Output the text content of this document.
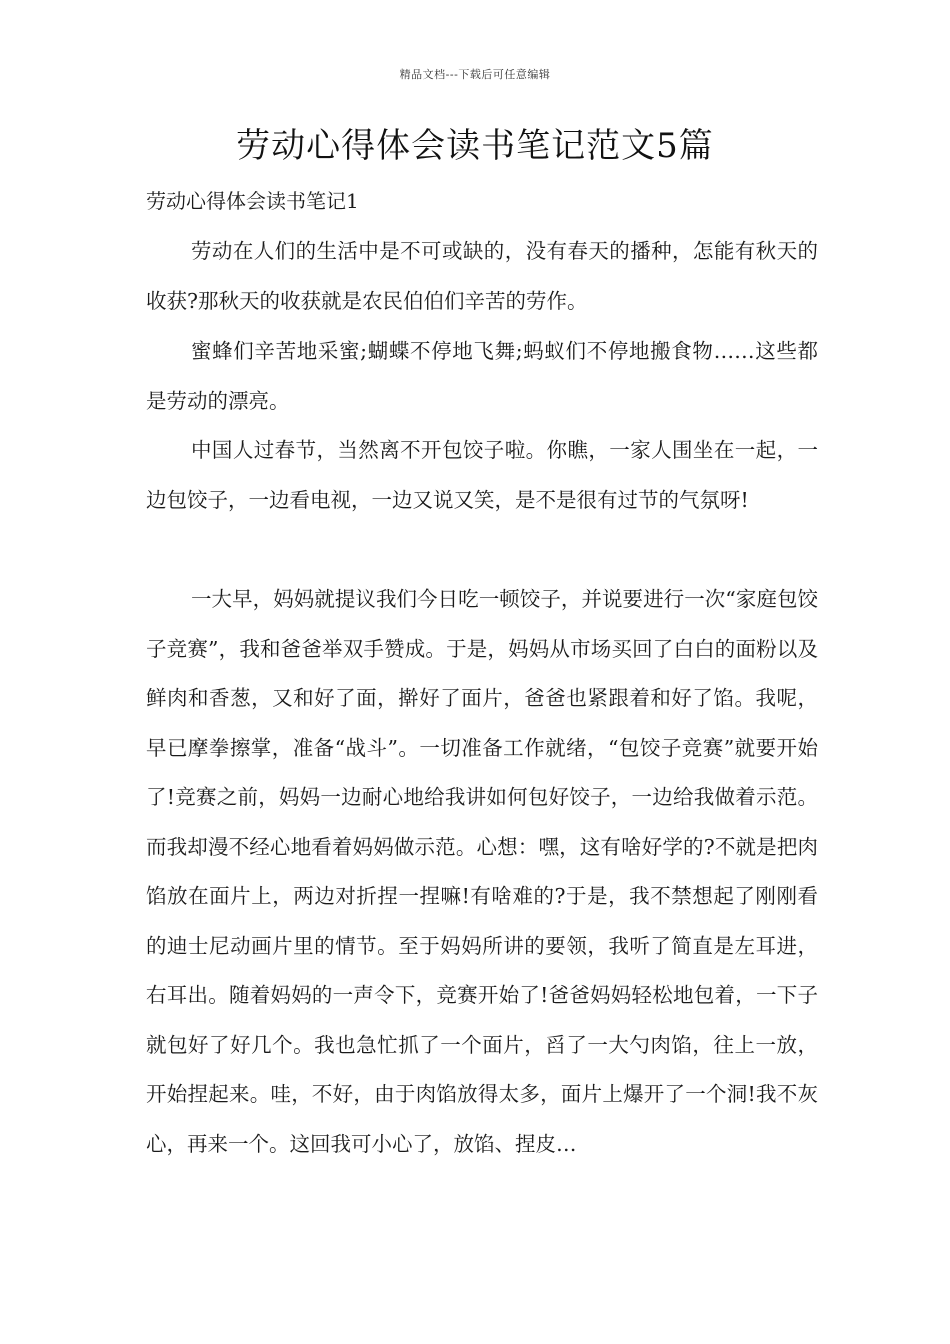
精品文档---下载后可任意编辑
劳动心得体会读书笔记范文5篇
劳动心得体会读书笔记1

劳动在人们的生活中是不可或缺的，没有春天的播种，怎能有秋天的收获?那秋天的收获就是农民伯伯们辛苦的劳作。

蜜蜂们辛苦地采蜜;蝴蝶不停地飞舞;蚂蚁们不停地搬食物……这些都是劳动的漂亮。

中国人过春节，当然离不开包饺子啦。你瞧，一家人围坐在一起，一边包饺子，一边看电视，一边又说又笑，是不是很有过节的气氛呀!

一大早，妈妈就提议我们今日吃一顿饺子，并说要进行一次“家庭包饺子竞赛”，我和爸爸举双手赞成。于是，妈妈从市场买回了白白的面粉以及鲜肉和香葱，又和好了面，擀好了面片，爸爸也紧跟着和好了馅。我呢，早已摩拳擦掌，准备“战斗”。一切准备工作就绪，“包饺子竞赛”就要开始了!竞赛之前，妈妈一边耐心地给我讲如何包好饺子，一边给我做着示范。而我却漫不经心地看着妈妈做示范。心想：嘿，这有啥好学的?不就是把肉馅放在面片上，两边对折捏一捏嘛!有啥难的?于是，我不禁想起了刚刚看的迪士尼动画片里的情节。至于妈妈所讲的要领，我听了简直是左耳进，右耳出。随着妈妈的一声令下，竞赛开始了!爸爸妈妈轻松地包着，一下子就包好了好几个。我也急忙抓了一个面片，舀了一大勺肉馅，往上一放，开始捏起来。哇，不好，由于肉馅放得太多，面片上爆开了一个洞!我不灰心，再来一个。这回我可小心了，放馅、捏皮…
